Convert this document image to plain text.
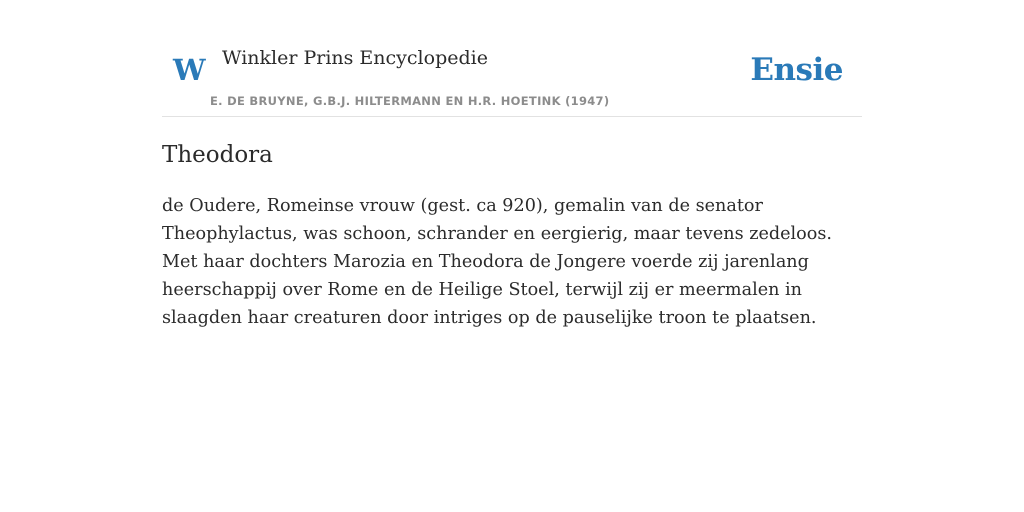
W Winkler Prins Encyclopedie
E. DE BRUYNE, G.B.J. HILTERMANN EN H.R. HOETINK (1947)
Ensie
Theodora

de Oudere, Romeinse vrouw (gest. ca 920), gemalin van de senator Theophylactus, was schoon, schrander en eergierig, maar tevens zedeloos. Met haar dochters Marozia en Theodora de Jongere voerde zij jarenlang heerschappij over Rome en de Heilige Stoel, terwijl zij er meermalen in slaagden haar creaturen door intriges op de pauselijke troon te plaatsen.
